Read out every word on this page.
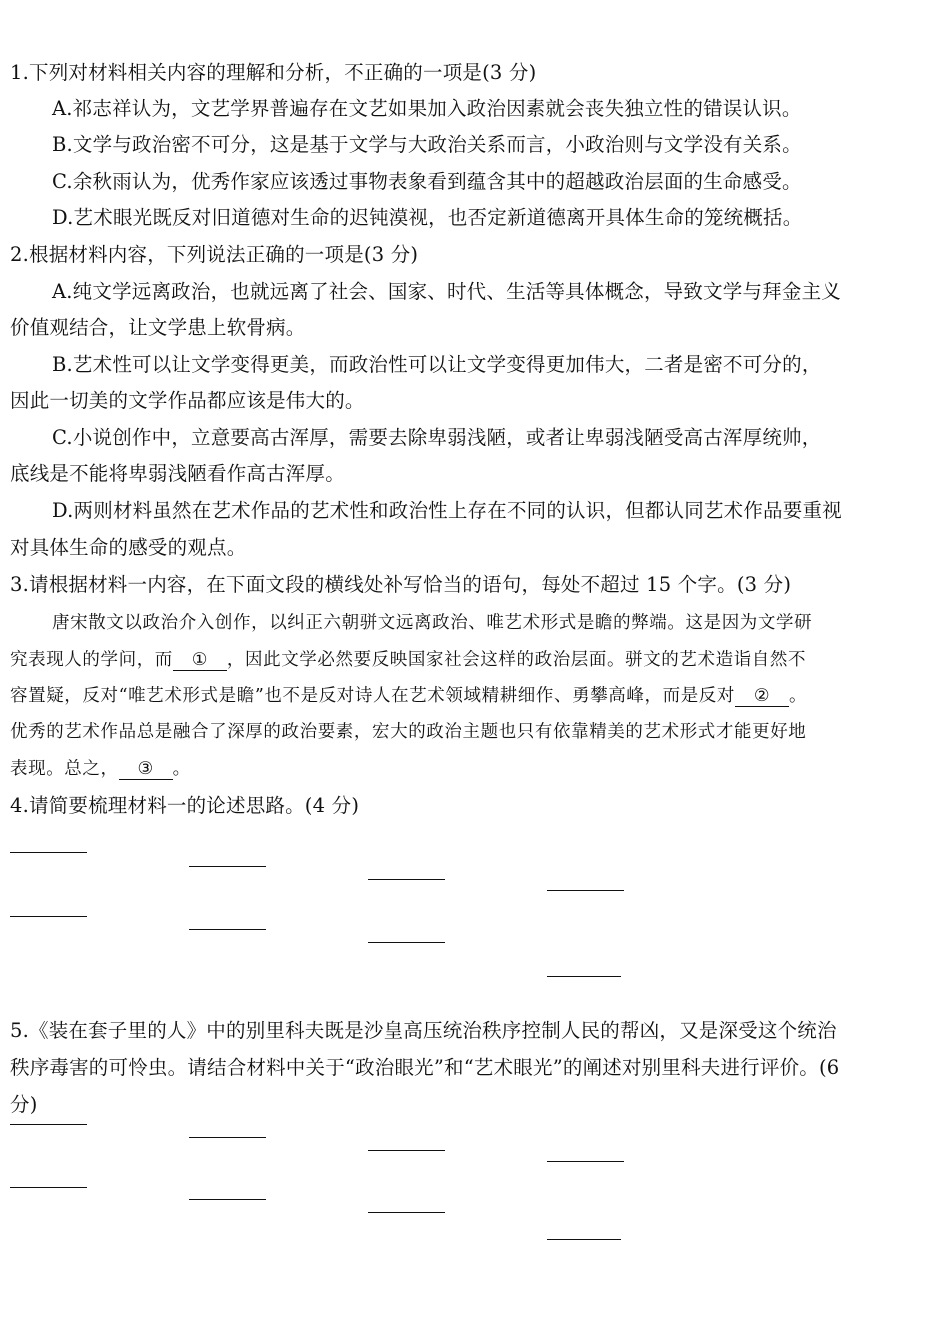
1.下列对材料相关内容的理解和分析，不正确的一项是(3 分)
A.祁志祥认为，文艺学界普遍存在文艺如果加入政治因素就会丧失独立性的错误认识。
B.文学与政治密不可分，这是基于文学与大政治关系而言，小政治则与文学没有关系。
C.余秋雨认为，优秀作家应该透过事物表象看到蕴含其中的超越政治层面的生命感受。
D.艺术眼光既反对旧道德对生命的迟钝漠视，也否定新道德离开具体生命的笼统概括。
2.根据材料内容，下列说法正确的一项是(3 分)
A.纯文学远离政治，也就远离了社会、国家、时代、生活等具体概念，导致文学与拜金主义
价值观结合，让文学患上软骨病。
B.艺术性可以让文学变得更美，而政治性可以让文学变得更加伟大，二者是密不可分的，
因此一切美的文学作品都应该是伟大的。
C.小说创作中，立意要高古浑厚，需要去除卑弱浅陋，或者让卑弱浅陋受高古浑厚统帅，
底线是不能将卑弱浅陋看作高古浑厚。
D.两则材料虽然在艺术作品的艺术性和政治性上存在不同的认识，但都认同艺术作品要重视
对具体生命的感受的观点。
3.请根据材料一内容，在下面文段的横线处补写恰当的语句，每处不超过 15 个字。(3 分)
唐宋散文以政治介入创作，以纠正六朝骈文远离政治、唯艺术形式是瞻的弊端。这是因为文学研
究表现人的学问，而 ① ，因此文学必然要反映国家社会这样的政治层面。骈文的艺术造诣自然不
容置疑，反对“唯艺术形式是瞻”也不是反对诗人在艺术领域精耕细作、勇攀高峰，而是反对 ② 。
优秀的艺术作品总是融合了深厚的政治要素，宏大的政治主题也只有依靠精美的艺术形式才能更好地
表现。总之， ③ 。
4.请简要梳理材料一的论述思路。(4 分)
5.《装在套子里的人》中的别里科夫既是沙皇高压统治秩序控制人民的帮凶，又是深受这个统治
秩序毒害的可怜虫。请结合材料中关于“政治眼光”和“艺术眼光”的阐述对别里科夫进行评价。(6
分)
